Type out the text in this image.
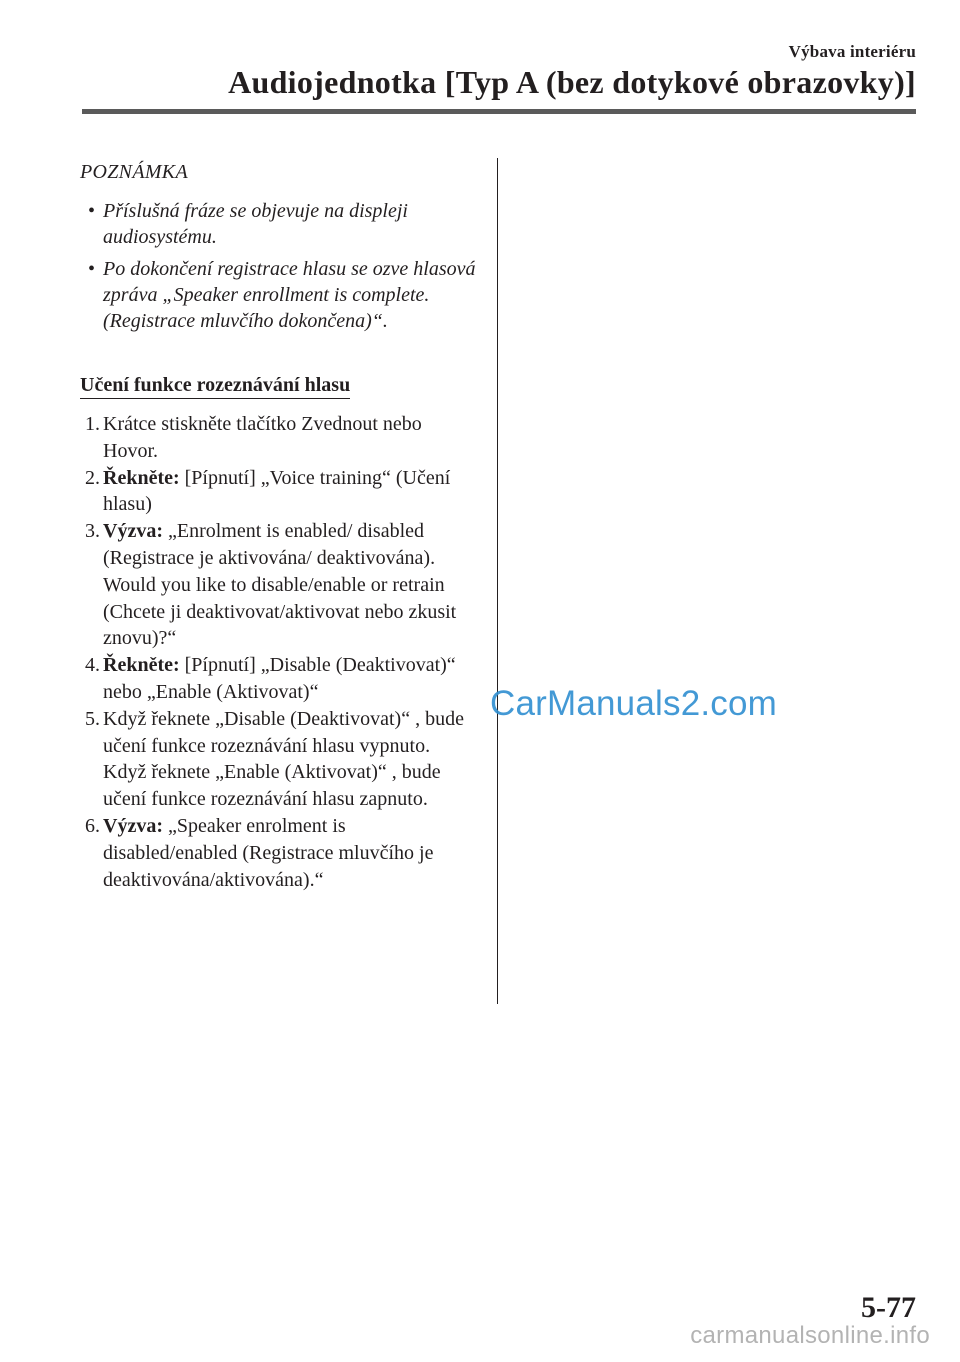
Výbava interiéru
Audiojednotka [Typ A (bez dotykové obrazovky)]
POZNÁMKA
• Příslušná fráze se objevuje na displeji audiosystému.
• Po dokončení registrace hlasu se ozve hlasová zpráva „Speaker enrollment is complete. (Registrace mluvčího dokončena)“.
Učení funkce rozeznávání hlasu
1. Krátce stiskněte tlačítko Zvednout nebo Hovor.
2. Řekněte: [Pípnutí] „Voice training“ (Učení hlasu)
3. Výzva: „Enrolment is enabled/ disabled (Registrace je aktivována/ deaktivována). Would you like to disable/enable or retrain (Chcete ji deaktivovat/aktivovat nebo zkusit znovu)?“
4. Řekněte: [Pípnutí] „Disable (Deaktivovat)“ nebo „Enable (Aktivovat)“
5. Když řeknete „Disable (Deaktivovat)“ , bude učení funkce rozeznávání hlasu vypnuto.
Když řeknete „Enable (Aktivovat)“ , bude učení funkce rozeznávání hlasu zapnuto.
6. Výzva: „Speaker enrolment is disabled/enabled (Registrace mluvčího je deaktivována/aktivována).“
CarManuals2.com
5-77
carmanualsonline.info
